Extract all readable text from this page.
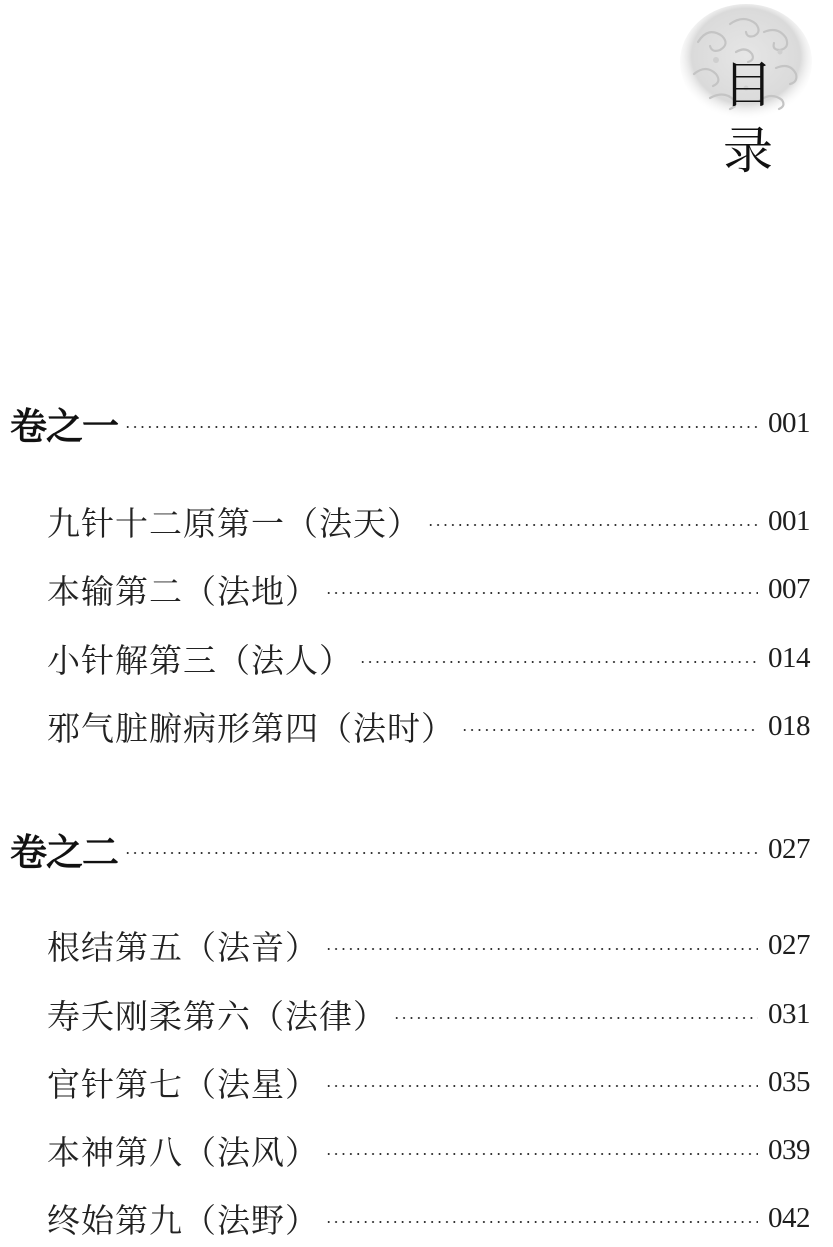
目
录
卷之一	001
九针十二原第一（法天）	001
本输第二（法地）	007
小针解第三（法人）	014
邪气脏腑病形第四（法时）	018
卷之二	027
根结第五（法音）	027
寿夭刚柔第六（法律）	031
官针第七（法星）	035
本神第八（法风）	039
终始第九（法野）	042
